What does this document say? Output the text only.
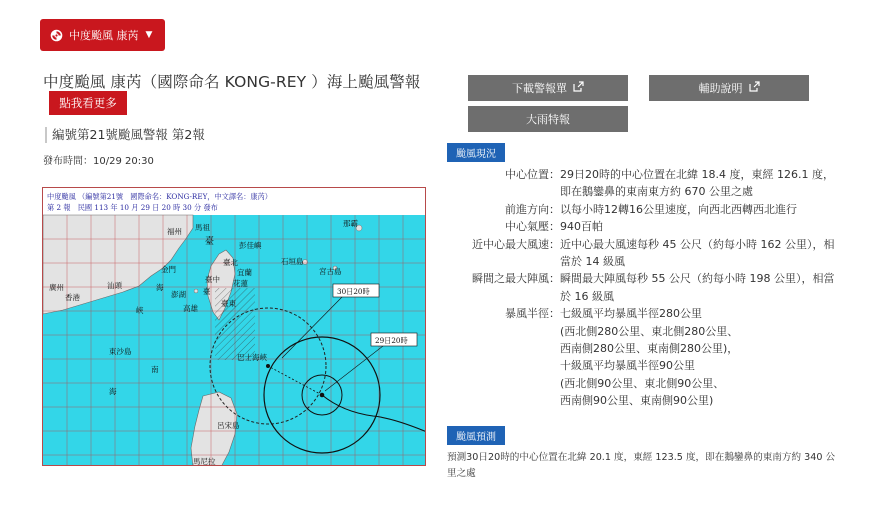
中度颱風 康芮 ▼
中度颱風 康芮（國際命名 KONG-REY ）海上颱風警報
點我看更多
編號第21號颱風警報 第2報
發布時間：10/29 20:30
中度颱風 （編號第21號　國際命名：KONG-REY，中文譯名：康芮）
第 2 報　民國 113 年 10 月 29 日 20 時 30 分 發布
30日20時
29日20時
福州 馬祖
彭佳嶼
臺
臺北
宜蘭
臺中 花蓮
臺
高雄
臺東
澎湖
金門
廣州
香港
汕頭
東沙島
石垣島
宮古島
那霸
呂宋島
巴士海峽
海
峽
南
海
馬尼拉
下載警報單	輔助說明
大雨特報
颱風現況
中心位置： 29日20時的中心位置在北緯 18.4 度，東經 126.1 度，即在鵝鑾鼻的東南東方約 670 公里之處
前進方向： 以每小時12轉16公里速度，向西北西轉西北進行
中心氣壓： 940百帕
近中心最大風速： 近中心最大風速每秒 45 公尺（約每小時 162 公里），相當於 14 級風
瞬間之最大陣風： 瞬間最大陣風每秒 55 公尺（約每小時 198 公里），相當於 16 級風
暴風半徑： 七級風平均暴風半徑280公里
(西北側280公里、東北側280公里、
西南側280公里、東南側280公里)，
十級風平均暴風半徑90公里
(西北側90公里、東北側90公里、
西南側90公里、東南側90公里)
颱風預測
預測30日20時的中心位置在北緯 20.1 度，東經 123.5 度，即在鵝鑾鼻的東南方約 340 公里之處
